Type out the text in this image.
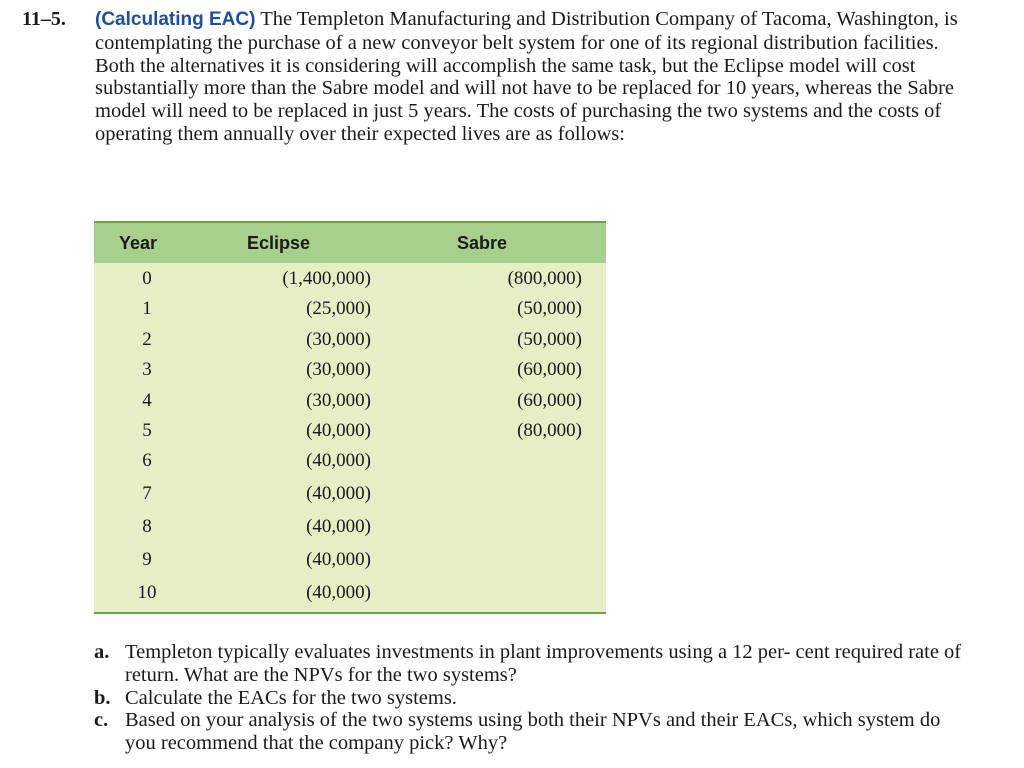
11–5. (Calculating EAC) The Templeton Manufacturing and Distribution Company of Tacoma, Washington, is contemplating the purchase of a new conveyor belt system for one of its regional distribution facilities. Both the alternatives it is considering will accomplish the same task, but the Eclipse model will cost substantially more than the Sabre model and will not have to be replaced for 10 years, whereas the Sabre model will need to be replaced in just 5 years. The costs of purchasing the two systems and the costs of operating them annually over their expected lives are as follows:
Year	Eclipse	Sabre
0	(1,400,000)	(800,000)
1	(25,000)	(50,000)
2	(30,000)	(50,000)
3	(30,000)	(60,000)
4	(30,000)	(60,000)
5	(40,000)	(80,000)
6	(40,000)
7	(40,000)
8	(40,000)
9	(40,000)
10	(40,000)
a. Templeton typically evaluates investments in plant improvements using a 12 per- cent required rate of return. What are the NPVs for the two systems?
b. Calculate the EACs for the two systems.
c. Based on your analysis of the two systems using both their NPVs and their EACs, which system do you recommend that the company pick? Why?
